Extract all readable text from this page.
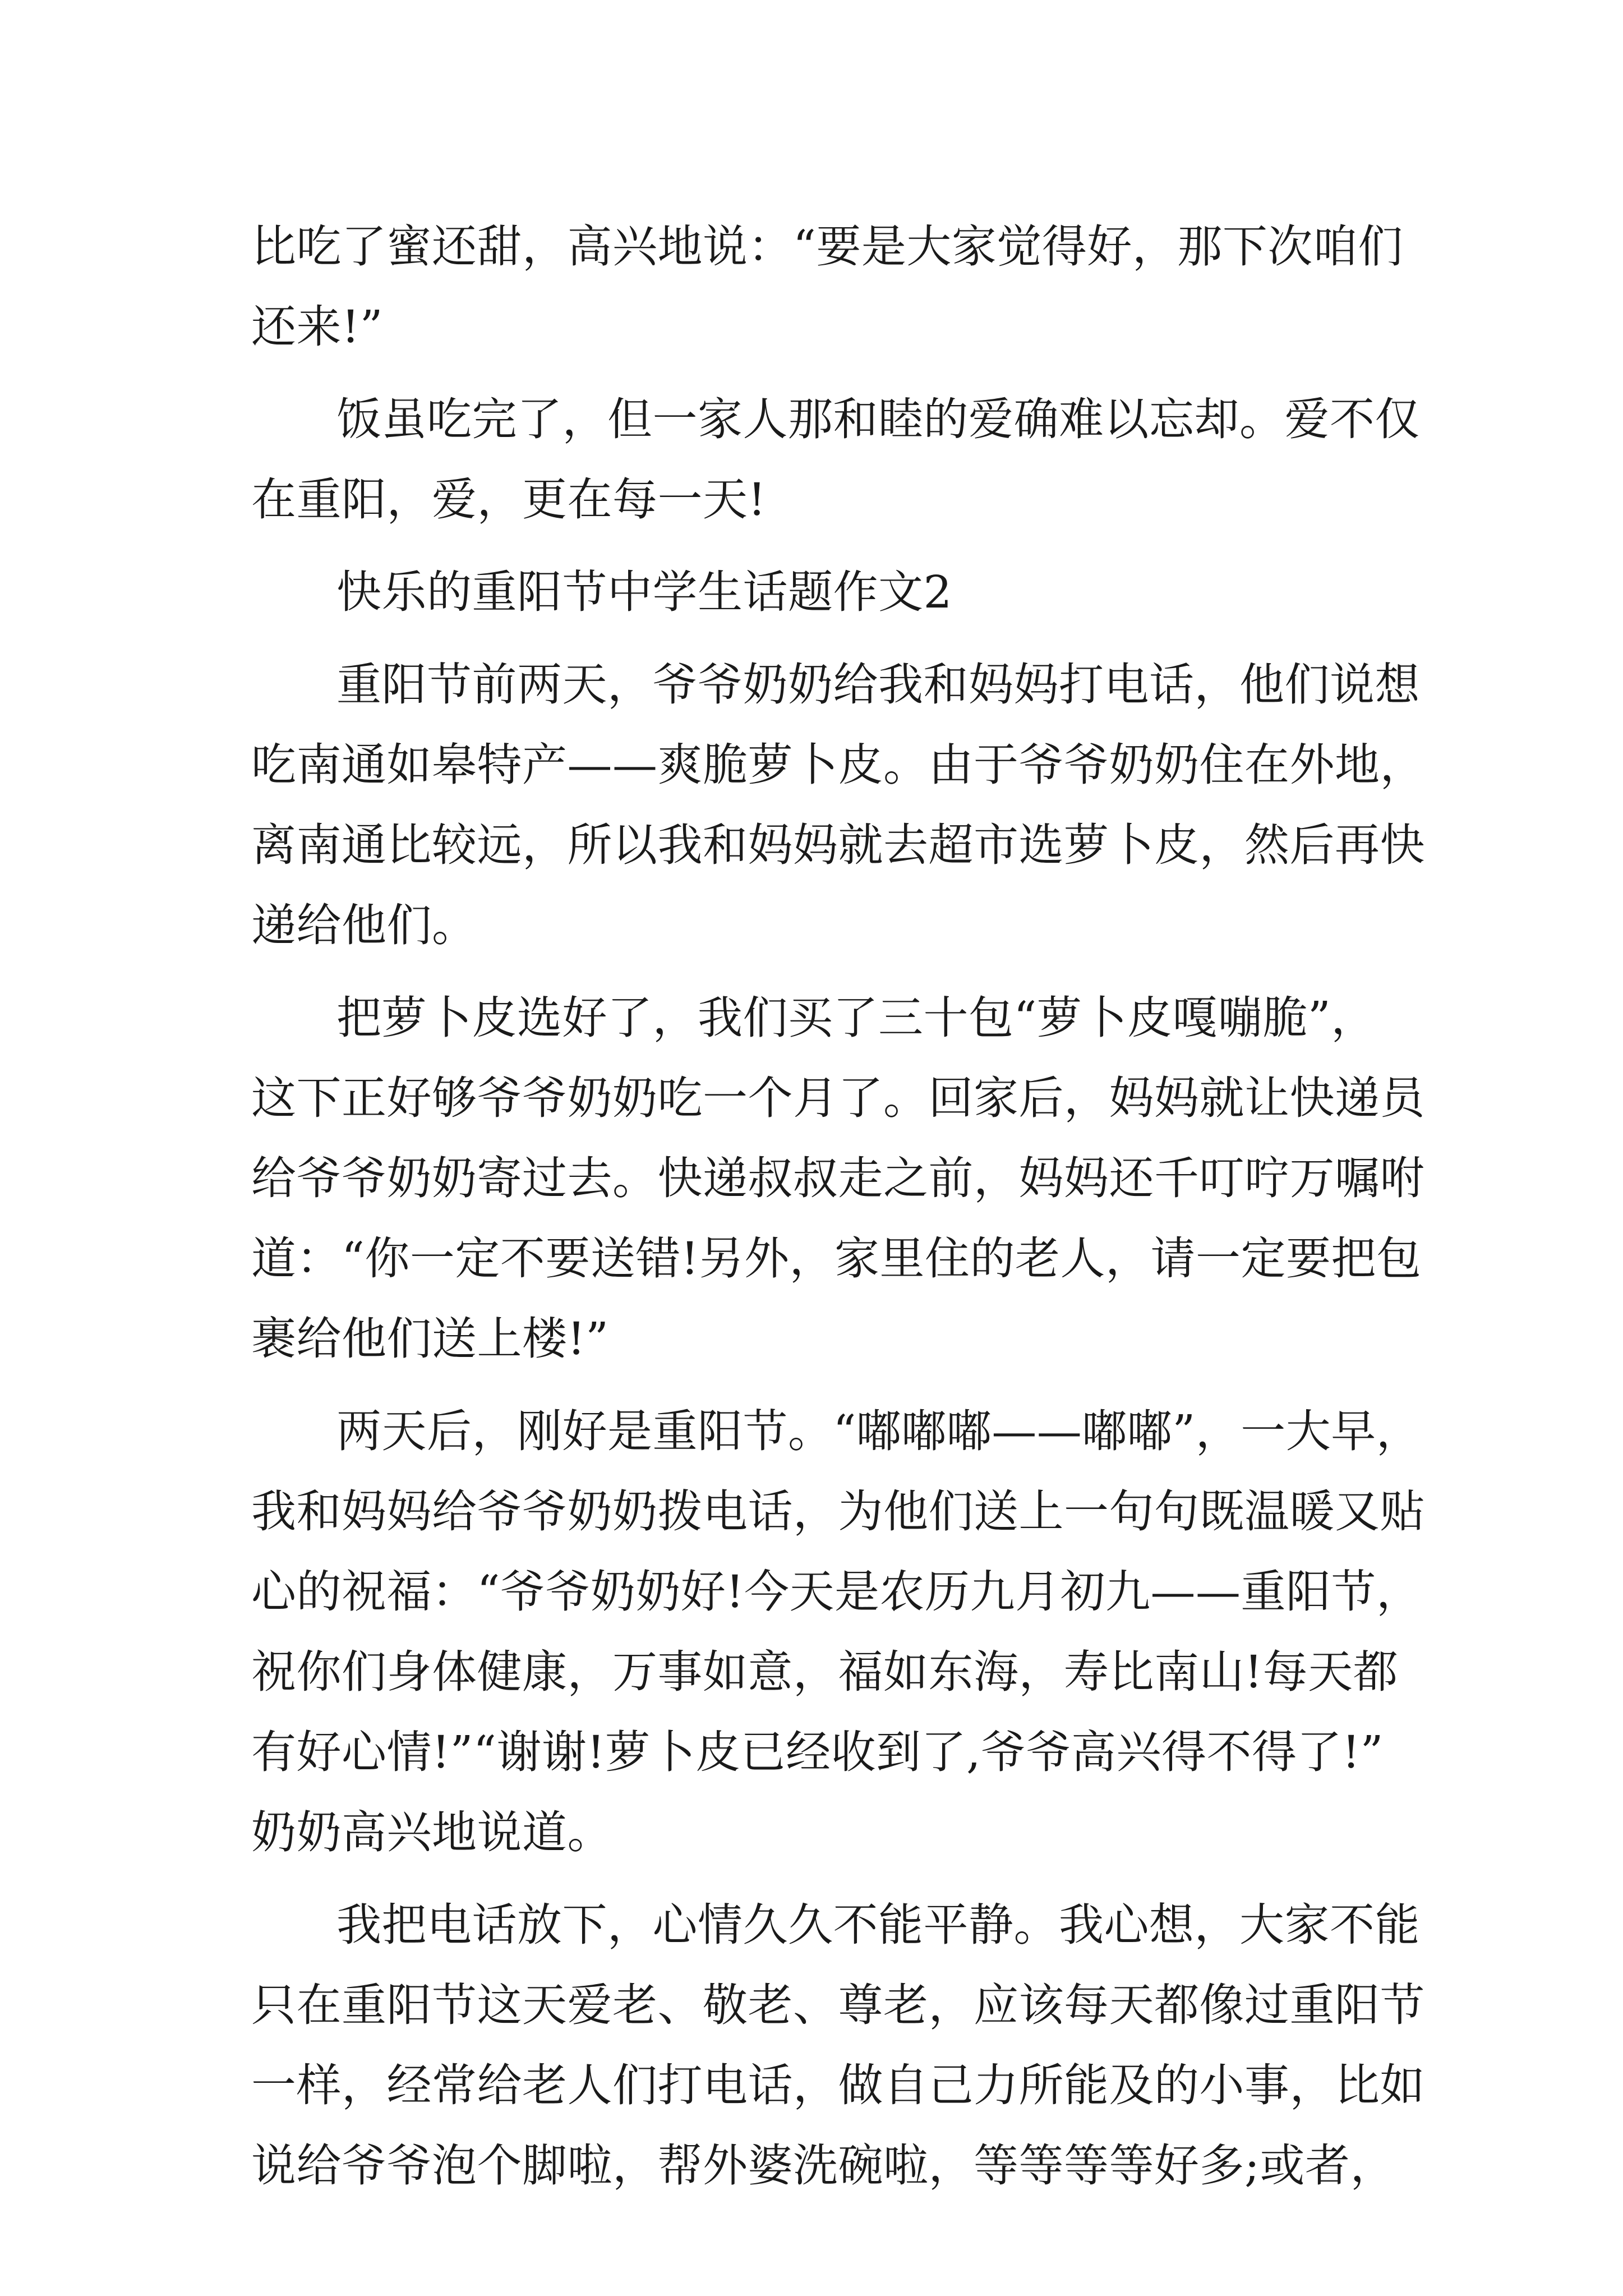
比吃了蜜还甜，高兴地说：“要是大家觉得好，那下次咱们
还来!”
饭虽吃完了，但一家人那和睦的爱确难以忘却。爱不仅
在重阳，爱，更在每一天!
快乐的重阳节中学生话题作文2
重阳节前两天，爷爷奶奶给我和妈妈打电话，他们说想
吃南通如皋特产——爽脆萝卜皮。由于爷爷奶奶住在外地，
离南通比较远，所以我和妈妈就去超市选萝卜皮，然后再快
递给他们。
把萝卜皮选好了，我们买了三十包“萝卜皮嘎嘣脆”，
这下正好够爷爷奶奶吃一个月了。回家后，妈妈就让快递员
给爷爷奶奶寄过去。快递叔叔走之前，妈妈还千叮咛万嘱咐
道：“你一定不要送错!另外，家里住的老人，请一定要把包
裹给他们送上楼!”
两天后，刚好是重阳节。“嘟嘟嘟——嘟嘟”，一大早，
我和妈妈给爷爷奶奶拨电话，为他们送上一句句既温暖又贴
心的祝福：“爷爷奶奶好!今天是农历九月初九——重阳节，
祝你们身体健康，万事如意，福如东海，寿比南山!每天都
有好心情!”“谢谢!萝卜皮已经收到了,爷爷高兴得不得了!”
奶奶高兴地说道。
我把电话放下，心情久久不能平静。我心想，大家不能
只在重阳节这天爱老、敬老、尊老，应该每天都像过重阳节
一样，经常给老人们打电话，做自己力所能及的小事，比如
说给爷爷泡个脚啦，帮外婆洗碗啦，等等等等好多;或者，
